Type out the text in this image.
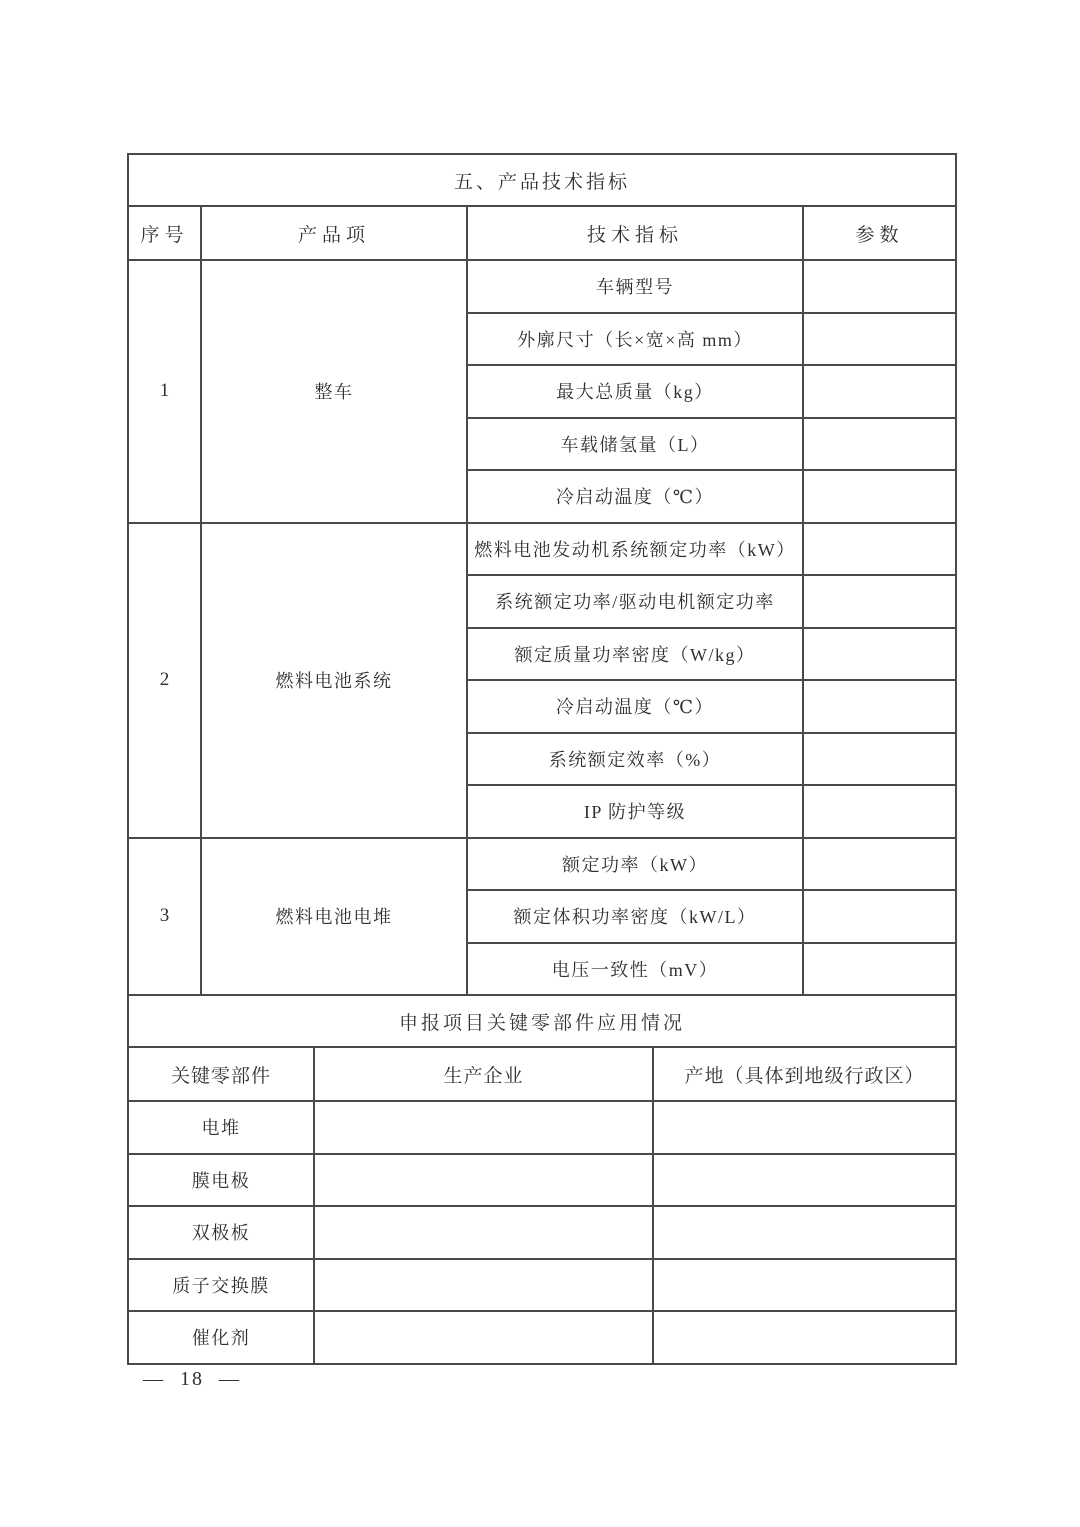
五、产品技术指标			
序号	产品项	技术指标	参数
1	整车	车辆型号	
		外廓尺寸（长×宽×高 mm）	
		最大总质量（kg）	
		车载储氢量（L）	
		冷启动温度（℃）	
2	燃料电池系统	燃料电池发动机系统额定功率（kW）	
		系统额定功率/驱动电机额定功率	
		额定质量功率密度（W/kg）	
		冷启动温度（℃）	
		系统额定效率（%）	
		IP 防护等级	
3	燃料电池电堆	额定功率（kW）	
		额定体积功率密度（kW/L）	
		电压一致性（mV）	
申报项目关键零部件应用情况		
关键零部件	生产企业	产地（具体到地级行政区）
电堆		
膜电极		
双极板		
质子交换膜		
催化剂		
— 18 —
